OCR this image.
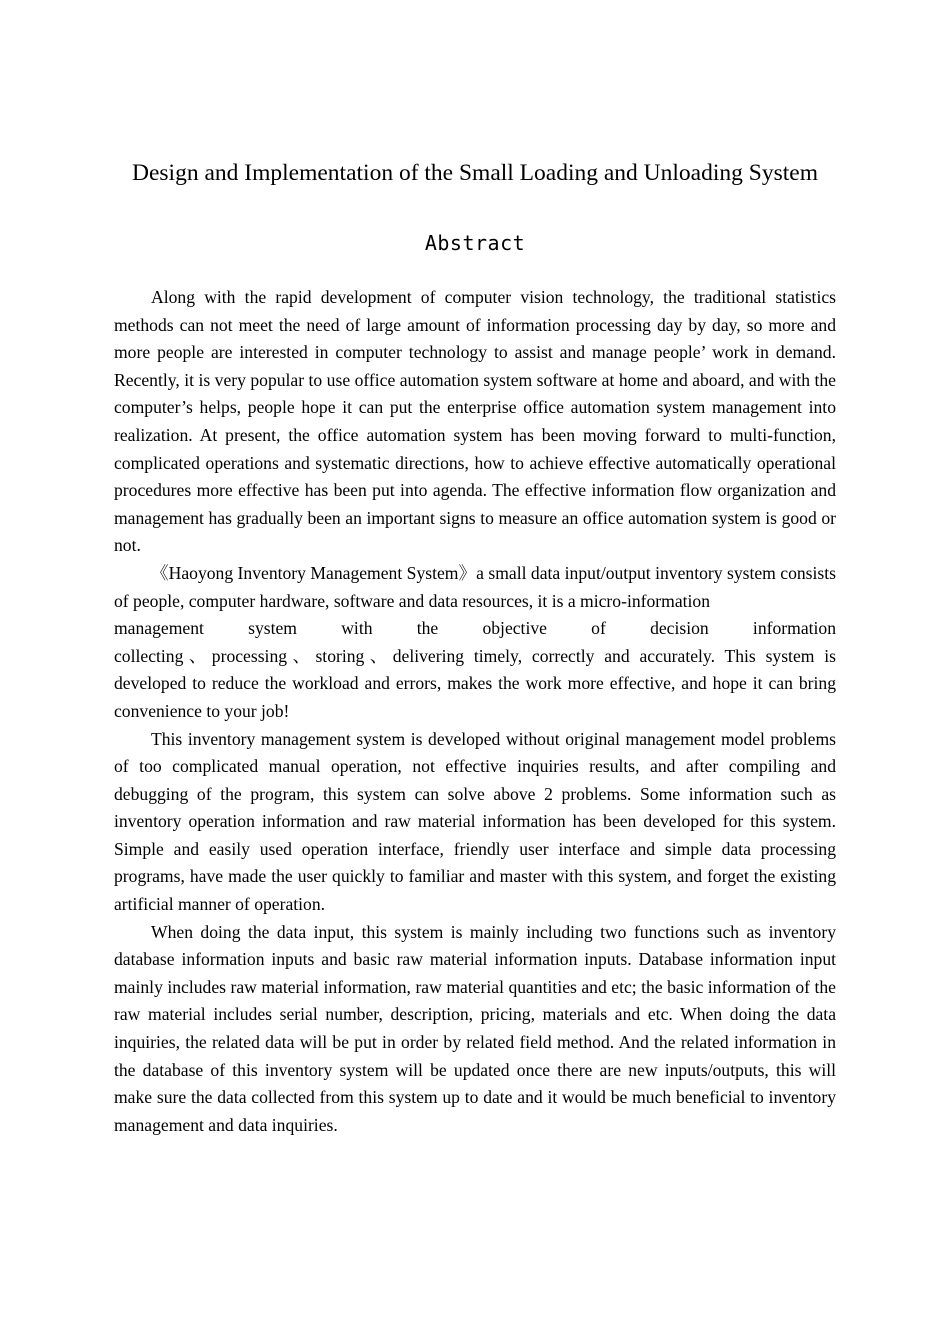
Design and Implementation of the Small Loading and Unloading System
Abstract

Along with the rapid development of computer vision technology, the traditional statistics methods can not meet the need of large amount of information processing day by day, so more and more people are interested in computer technology to assist and manage people’ work in demand. Recently, it is very popular to use office automation system software at home and aboard, and with the computer’s helps, people hope it can put the enterprise office automation system management into realization. At present, the office automation system has been moving forward to multi-function, complicated operations and systematic directions, how to achieve effective automatically operational procedures more effective has been put into agenda. The effective information flow organization and management has gradually been an important signs to measure an office automation system is good or not.

《Haoyong Inventory Management System》a small data input/output inventory system consists of people, computer hardware, software and data resources, it is a micro-information
management system with the objective of decision information
collecting、processing、storing、delivering timely, correctly and accurately. This system is developed to reduce the workload and errors, makes the work more effective, and hope it can bring convenience to your job!

This inventory management system is developed without original management model problems of too complicated manual operation, not effective inquiries results, and after compiling and debugging of the program, this system can solve above 2 problems. Some information such as inventory operation information and raw material information has been developed for this system. Simple and easily used operation interface, friendly user interface and simple data processing programs, have made the user quickly to familiar and master with this system, and forget the existing artificial manner of operation.

When doing the data input, this system is mainly including two functions such as inventory database information inputs and basic raw material information inputs. Database information input mainly includes raw material information, raw material quantities and etc; the basic information of the raw material includes serial number, description, pricing, materials and etc. When doing the data inquiries, the related data will be put in order by related field method. And the related information in the database of this inventory system will be updated once there are new inputs/outputs, this will make sure the data collected from this system up to date and it would be much beneficial to inventory management and data inquiries.
